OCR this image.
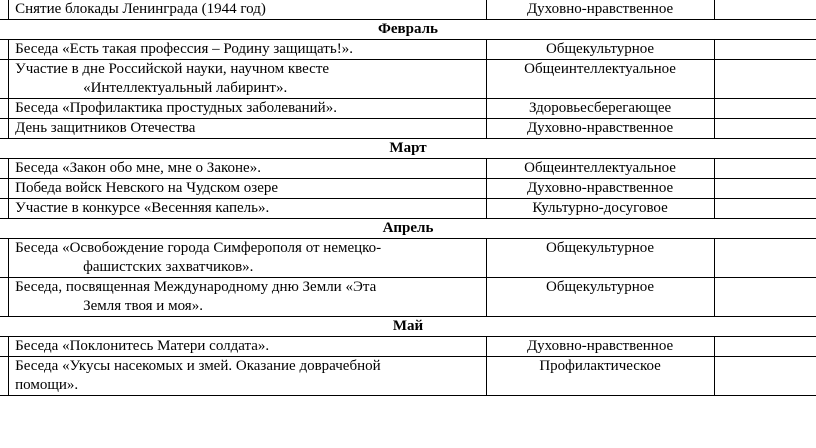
	Снятие блокады Ленинграда (1944 год)	Духовно-нравственное	
Февраль			
	Беседа «Есть такая профессия – Родину защищать!».	Общекультурное	
	Участие в дне Российской науки, научном квесте
«Интеллектуальный лабиринт».	Общеинтеллектуальное	
	Беседа «Профилактика простудных заболеваний».	Здоровьесберегающее	
	День защитников Отечества	Духовно-нравственное	
Март			
	Беседа «Закон обо мне, мне о Законе».	Общеинтеллектуальное	
	Победа войск Невского на Чудском озере	Духовно-нравственное	
	Участие в конкурсе «Весенняя капель».	Культурно-досуговое	
Апрель			
	Беседа «Освобождение города Симферополя от немецко-
фашистских захватчиков».	Общекультурное	
	Беседа, посвященная Международному дню Земли «Эта
Земля твоя и моя».	Общекультурное	
Май			
	Беседа «Поклонитесь Матери солдата».	Духовно-нравственное	
	Беседа «Укусы насекомых и змей. Оказание доврачебной
помощи».	Профилактическое	
